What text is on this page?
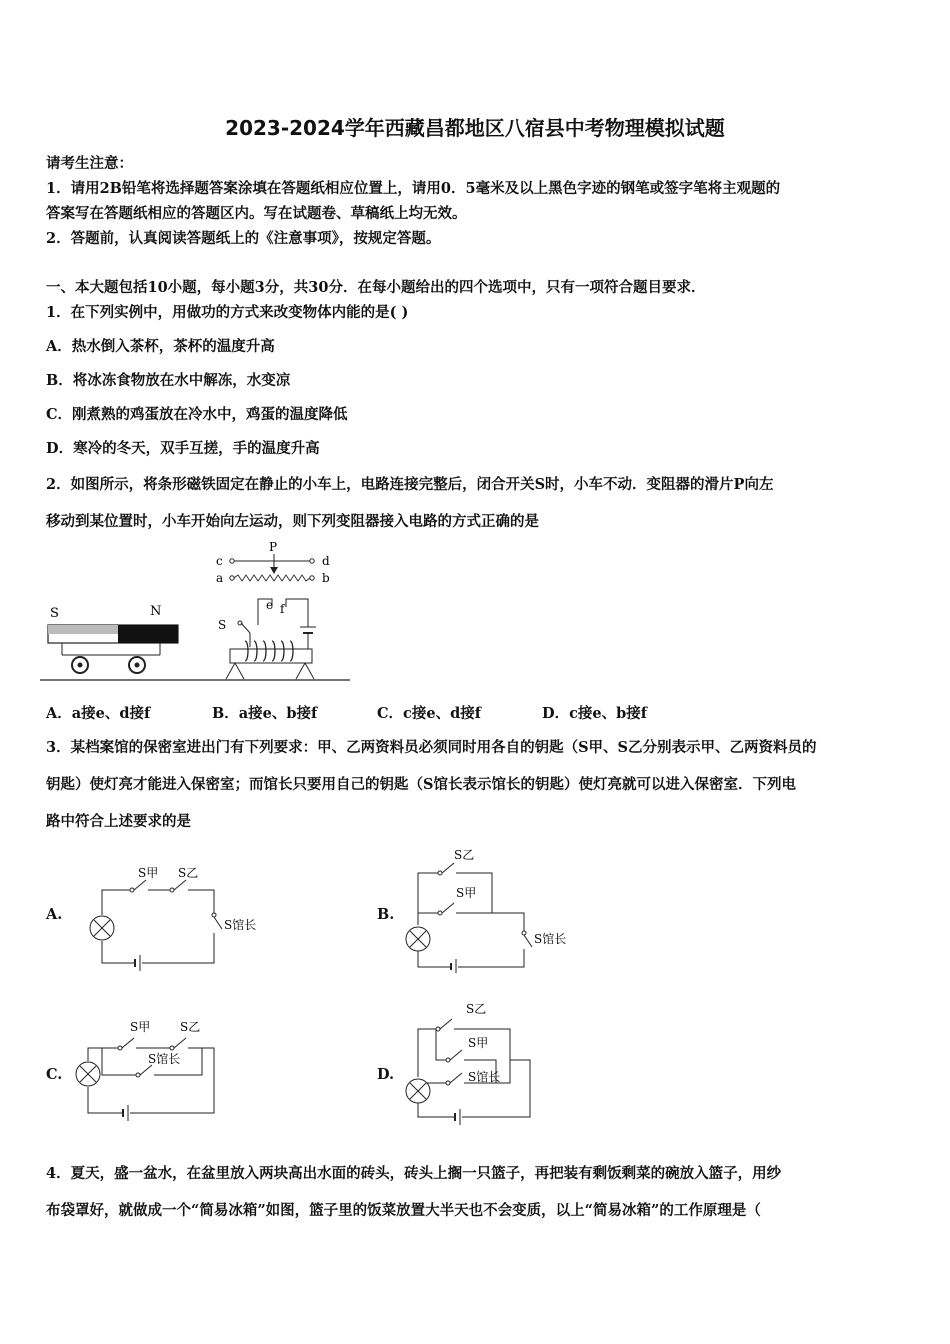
2023-2024学年西藏昌都地区八宿县中考物理模拟试题
请考生注意：
1．请用2B铅笔将选择题答案涂填在答题纸相应位置上，请用0．5毫米及以上黑色字迹的钢笔或签字笔将主观题的
答案写在答题纸相应的答题区内。写在试题卷、草稿纸上均无效。
2．答题前，认真阅读答题纸上的《注意事项》，按规定答题。
一、本大题包括10小题，每小题3分，共30分．在每小题给出的四个选项中，只有一项符合题目要求．
1．在下列实例中，用做功的方式来改变物体内能的是( )
A．热水倒入茶杯，茶杯的温度升高
B．将冰冻食物放在水中解冻，水变凉
C．刚煮熟的鸡蛋放在冷水中，鸡蛋的温度降低
D．寒冷的冬天，双手互搓，手的温度升高
2．如图所示，将条形磁铁固定在静止的小车上，电路连接完整后，闭合开关S时，小车不动．变阻器的滑片P向左
移动到某位置时，小车开始向左运动，则下列变阻器接入电路的方式正确的是
S	N
P
c	d
a	b
e f
S
A．a接e、d接f	B．a接e、b接f	C．c接e、d接f	D．c接e、b接f
3．某档案馆的保密室进出门有下列要求：甲、乙两资料员必须同时用各自的钥匙（S甲、S乙分别表示甲、乙两资料员的
钥匙）使灯亮才能进入保密室；而馆长只要用自己的钥匙（S馆长表示馆长的钥匙）使灯亮就可以进入保密室．下列电
路中符合上述要求的是
A.
S甲 S乙
S馆长
B.
S乙
S甲
S馆长
C.
S甲 S乙
S馆长
D.
S乙
S甲
S馆长
4．夏天，盛一盆水，在盆里放入两块高出水面的砖头，砖头上搁一只篮子，再把装有剩饭剩菜的碗放入篮子，用纱
布袋罩好，就做成一个“简易冰箱”如图，篮子里的饭菜放置大半天也不会变质，以上“简易冰箱”的工作原理是（
